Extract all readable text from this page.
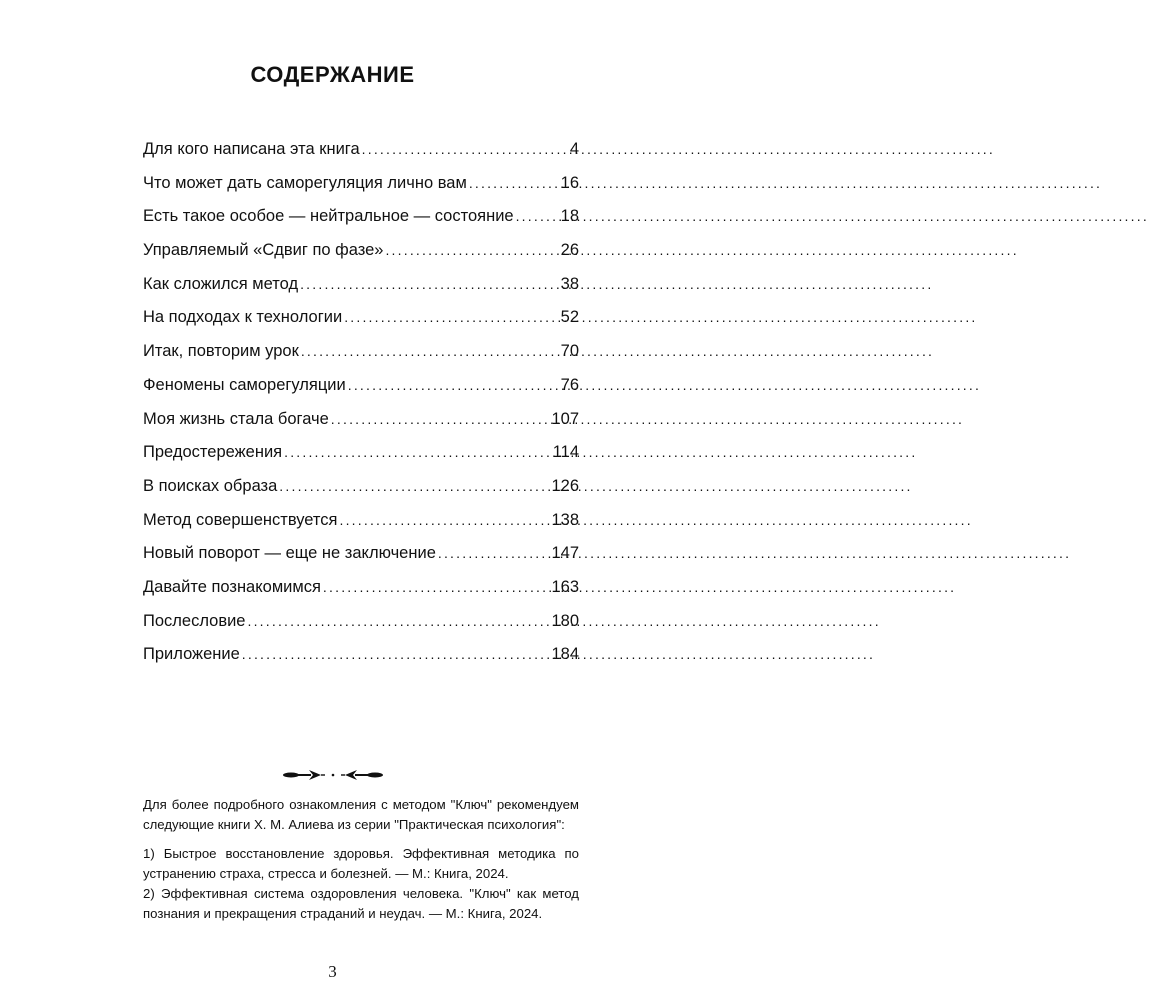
СОДЕРЖАНИЕ
Для кого написана эта книга .....	4
Что может дать саморегуляция лично вам .....	16
Есть такое особое — нейтральное — состояние .....	18
Управляемый «Сдвиг по фазе» .....	26
Как сложился метод .....	38
На подходах к технологии .....	52
Итак, повторим урок .....	70
Феномены саморегуляции .....	76
Моя жизнь стала богаче .....	107
Предостережения .....	114
В поисках образа .....	126
Метод совершенствуется .....	138
Новый поворот — еще не заключение .....	147
Давайте познакомимся .....	163
Послесловие .....	180
Приложение .....	184

Для более подробного ознакомления с методом "Ключ" рекомендуем следующие книги Х. М. Алиева из серии "Практическая психология":

1) Быстрое восстановление здоровья. Эффективная методика по устранению страха, стресса и болезней. — М.: Книга, 2024.

2) Эффективная система оздоровления человека. "Ключ" как метод познания и прекращения страданий и неудач. — М.: Книга, 2024.

3
